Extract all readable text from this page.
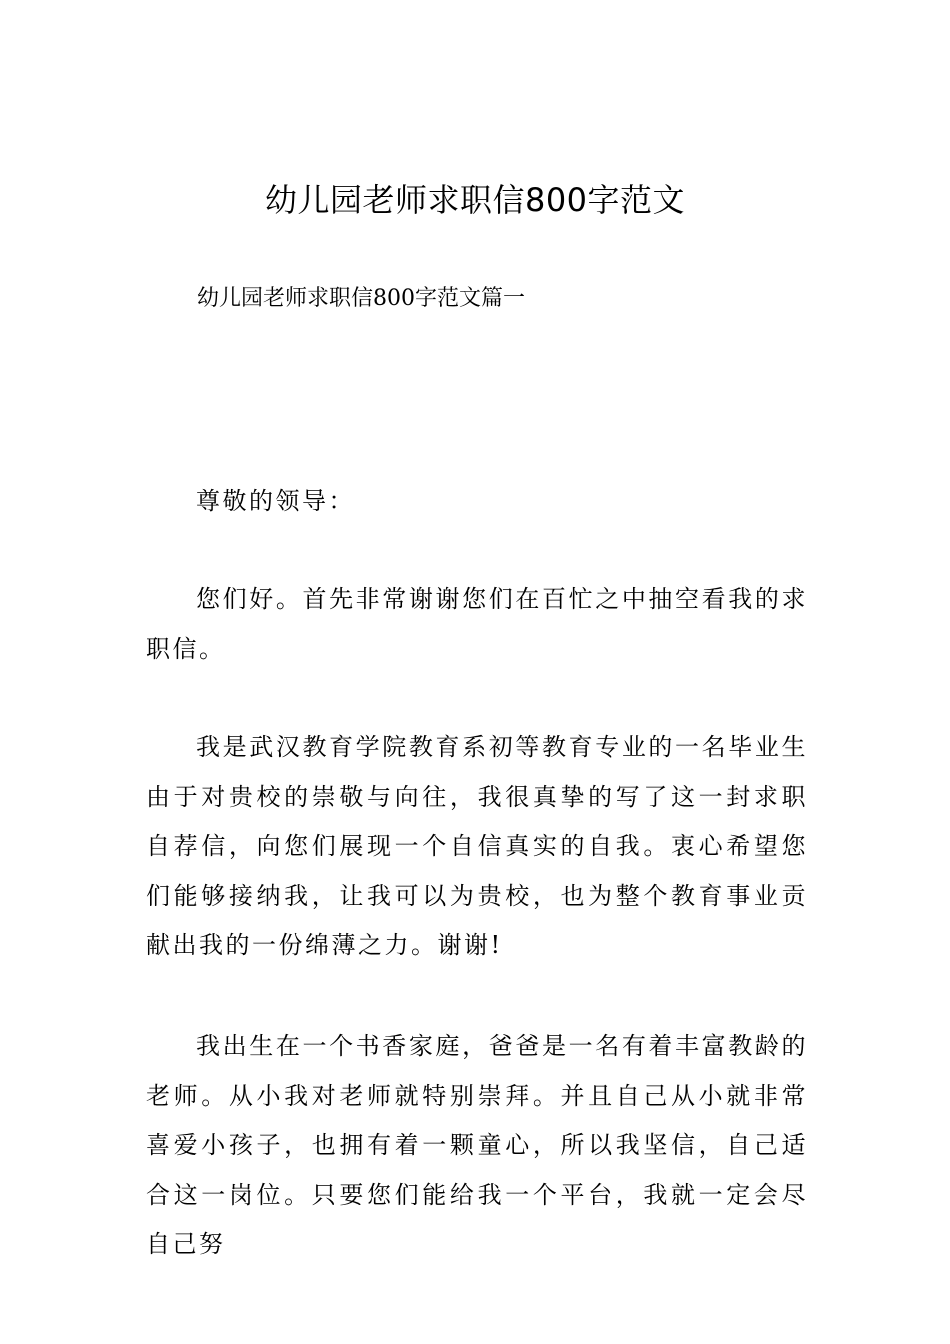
幼儿园老师求职信800字范文
幼儿园老师求职信800字范文篇一

尊敬的领导：

您们好。首先非常谢谢您们在百忙之中抽空看我的求职信。

我是武汉教育学院教育系初等教育专业的一名毕业生由于对贵校的崇敬与向往，我很真挚的写了这一封求职自荐信，向您们展现一个自信真实的自我。衷心希望您们能够接纳我，让我可以为贵校，也为整个教育事业贡献出我的一份绵薄之力。谢谢!

我出生在一个书香家庭，爸爸是一名有着丰富教龄的老师。从小我对老师就特别崇拜。并且自己从小就非常喜爱小孩子，也拥有着一颗童心，所以我坚信，自己适合这一岗位。只要您们能给我一个平台，我就一定会尽自己努
